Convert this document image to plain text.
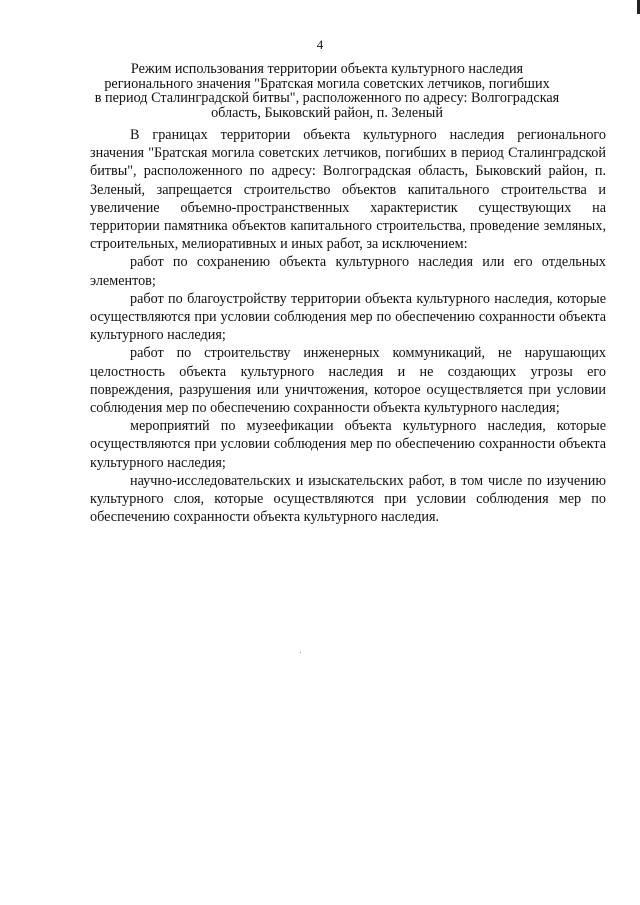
4
Режим использования территории объекта культурного наследия
регионального значения "Братская могила советских летчиков, погибших
в период Сталинградской битвы", расположенного по адресу: Волгоградская
область, Быковский район, п. Зеленый

В границах территории объекта культурного наследия регионального значения "Братская могила советских летчиков, погибших в период Сталинградской битвы", расположенного по адресу: Волгоградская область, Быковский район, п. Зеленый, запрещается строительство объектов капитального строительства и увеличение объемно-пространственных характеристик существующих на территории памятника объектов капитального строительства, проведение земляных, строительных, мелиоративных и иных работ, за исключением:

работ по сохранению объекта культурного наследия или его отдельных элементов;

работ по благоустройству территории объекта культурного наследия, которые осуществляются при условии соблюдения мер по обеспечению сохранности объекта культурного наследия;

работ по строительству инженерных коммуникаций, не нарушающих целостность объекта культурного наследия и не создающих угрозы его повреждения, разрушения или уничтожения, которое осуществляется при условии соблюдения мер по обеспечению сохранности объекта культурного наследия;

мероприятий по музеефикации объекта культурного наследия, которые осуществляются при условии соблюдения мер по обеспечению сохранности объекта культурного наследия;

научно-исследовательских и изыскательских работ, в том числе по изучению культурного слоя, которые осуществляются при условии соблюдения мер по обеспечению сохранности объекта культурного наследия.
